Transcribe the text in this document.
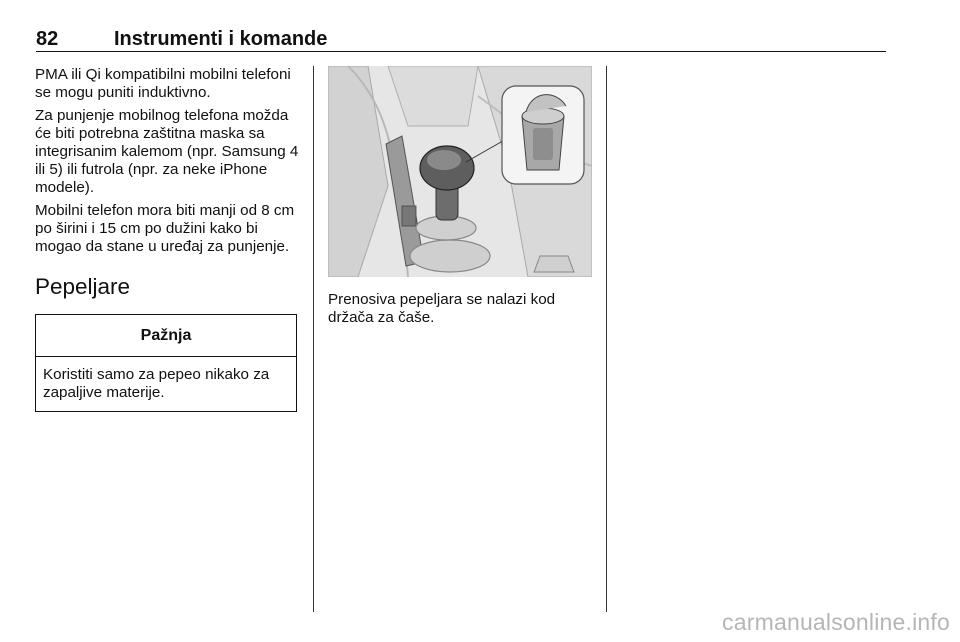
82	Instrumenti i komande

PMA ili Qi kompatibilni mobilni telefoni se mogu puniti induktivno.

Za punjenje mobilnog telefona možda će biti potrebna zaštitna maska sa integrisanim kalemom (npr. Samsung 4 ili 5) ili futrola (npr. za neke iPhone modele).

Mobilni telefon mora biti manji od 8 cm po širini i 15 cm po dužini kako bi mogao da stane u uređaj za punjenje.

Pepeljare
Pažnja
Koristiti samo za pepeo nikako za zapaljive materije.
Prenosiva pepeljara se nalazi kod držača za čaše.
carmanualsonline.info
